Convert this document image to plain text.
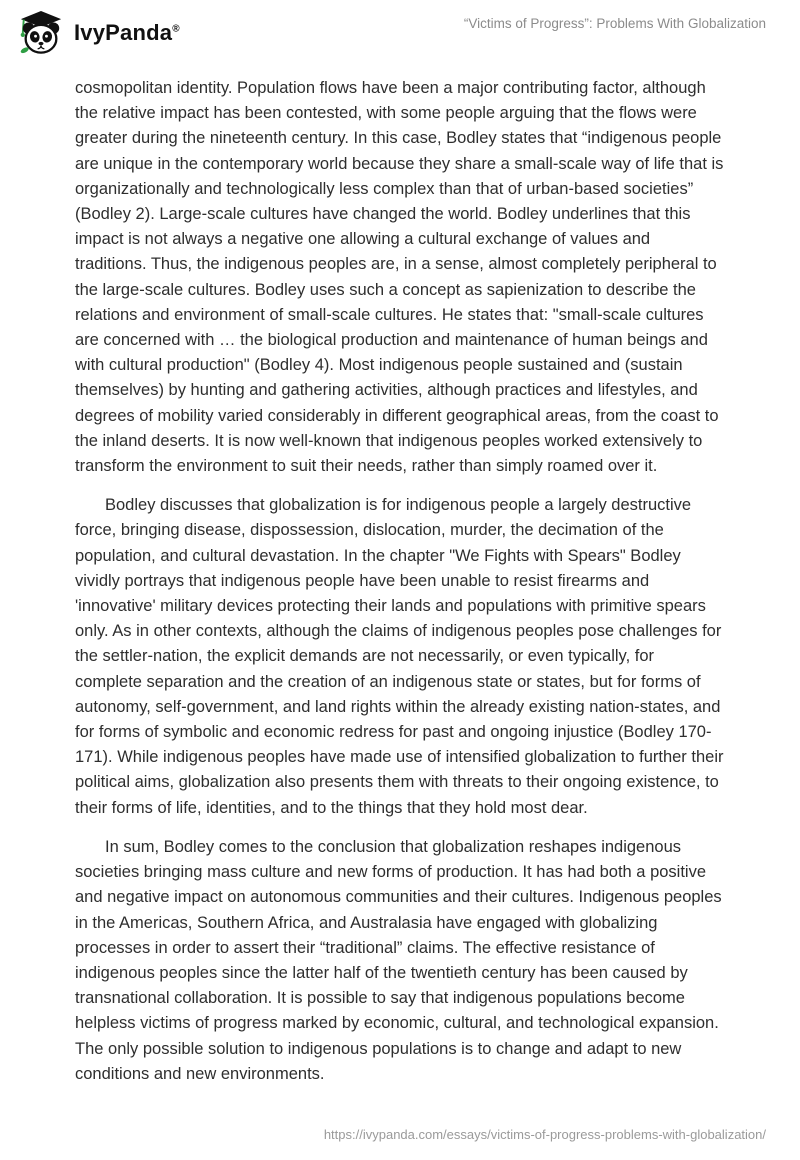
IvyPanda®	“Victims of Progress”: Problems With Globalization

cosmopolitan identity. Population flows have been a major contributing factor, although the relative impact has been contested, with some people arguing that the flows were greater during the nineteenth century. In this case, Bodley states that “indigenous people are unique in the contemporary world because they share a small-scale way of life that is organizationally and technologically less complex than that of urban-based societies” (Bodley 2). Large-scale cultures have changed the world. Bodley underlines that this impact is not always a negative one allowing a cultural exchange of values and traditions. Thus, the indigenous peoples are, in a sense, almost completely peripheral to the large-scale cultures. Bodley uses such a concept as sapienization to describe the relations and environment of small-scale cultures. He states that: "small-scale cultures are concerned with … the biological production and maintenance of human beings and with cultural production" (Bodley 4). Most indigenous people sustained and (sustain themselves) by hunting and gathering activities, although practices and lifestyles, and degrees of mobility varied considerably in different geographical areas, from the coast to the inland deserts. It is now well-known that indigenous peoples worked extensively to transform the environment to suit their needs, rather than simply roamed over it.

Bodley discusses that globalization is for indigenous people a largely destructive force, bringing disease, dispossession, dislocation, murder, the decimation of the population, and cultural devastation. In the chapter "We Fights with Spears" Bodley vividly portrays that indigenous people have been unable to resist firearms and 'innovative' military devices protecting their lands and populations with primitive spears only. As in other contexts, although the claims of indigenous peoples pose challenges for the settler-nation, the explicit demands are not necessarily, or even typically, for complete separation and the creation of an indigenous state or states, but for forms of autonomy, self-government, and land rights within the already existing nation-states, and for forms of symbolic and economic redress for past and ongoing injustice (Bodley 170-171). While indigenous peoples have made use of intensified globalization to further their political aims, globalization also presents them with threats to their ongoing existence, to their forms of life, identities, and to the things that they hold most dear.

In sum, Bodley comes to the conclusion that globalization reshapes indigenous societies bringing mass culture and new forms of production. It has had both a positive and negative impact on autonomous communities and their cultures. Indigenous peoples in the Americas, Southern Africa, and Australasia have engaged with globalizing processes in order to assert their “traditional” claims. The effective resistance of indigenous peoples since the latter half of the twentieth century has been caused by transnational collaboration. It is possible to say that indigenous populations become helpless victims of progress marked by economic, cultural, and technological expansion. The only possible solution to indigenous populations is to change and adapt to new conditions and new environments.

https://ivypanda.com/essays/victims-of-progress-problems-with-globalization/
